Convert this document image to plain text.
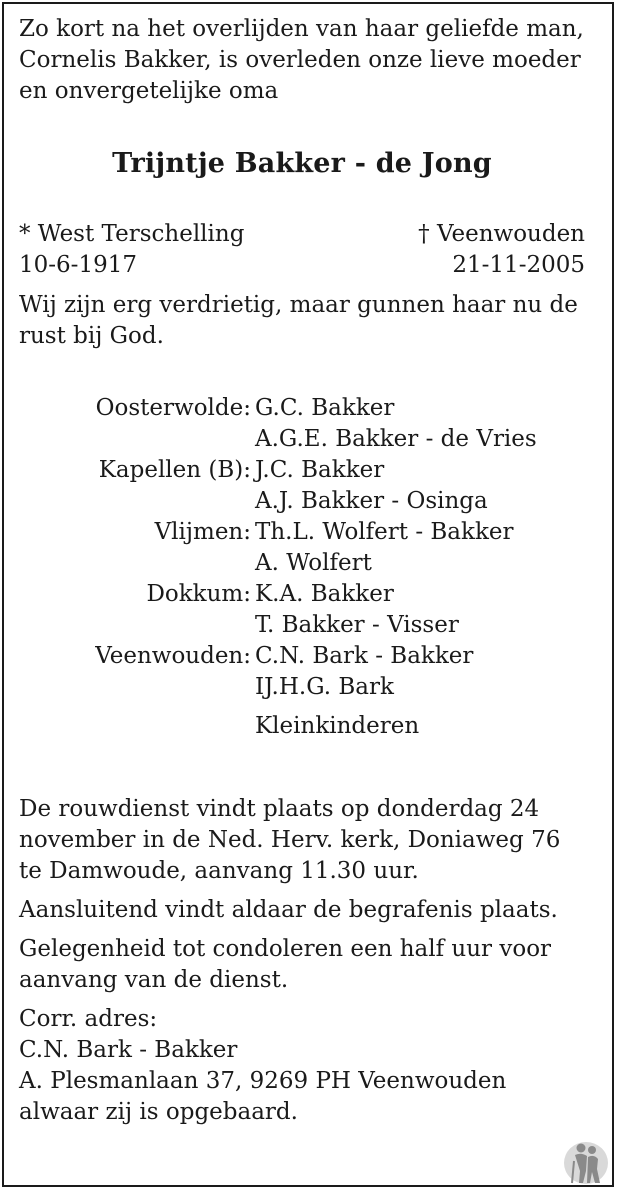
Zo kort na het overlijden van haar geliefde man,
Cornelis Bakker, is overleden onze lieve moeder
en onvergetelijke oma

Trijntje Bakker - de Jong
* West Terschelling
10-6-1917
† Veenwouden
21-11-2005

Wij zijn erg verdrietig, maar gunnen haar nu de
rust bij God.

Oosterwolde: G.C. Bakker
A.G.E. Bakker - de Vries
Kapellen (B): J.C. Bakker
A.J. Bakker - Osinga
Vlijmen: Th.L. Wolfert - Bakker
A. Wolfert
Dokkum: K.A. Bakker
T. Bakker - Visser
Veenwouden: C.N. Bark - Bakker
IJ.H.G. Bark
Kleinkinderen

De rouwdienst vindt plaats op donderdag 24
november in de Ned. Herv. kerk, Doniaweg 76
te Damwoude, aanvang 11.30 uur.

Aansluitend vindt aldaar de begrafenis plaats.

Gelegenheid tot condoleren een half uur voor
aanvang van de dienst.

Corr. adres:
C.N. Bark - Bakker
A. Plesmanlaan 37, 9269 PH Veenwouden
alwaar zij is opgebaard.
